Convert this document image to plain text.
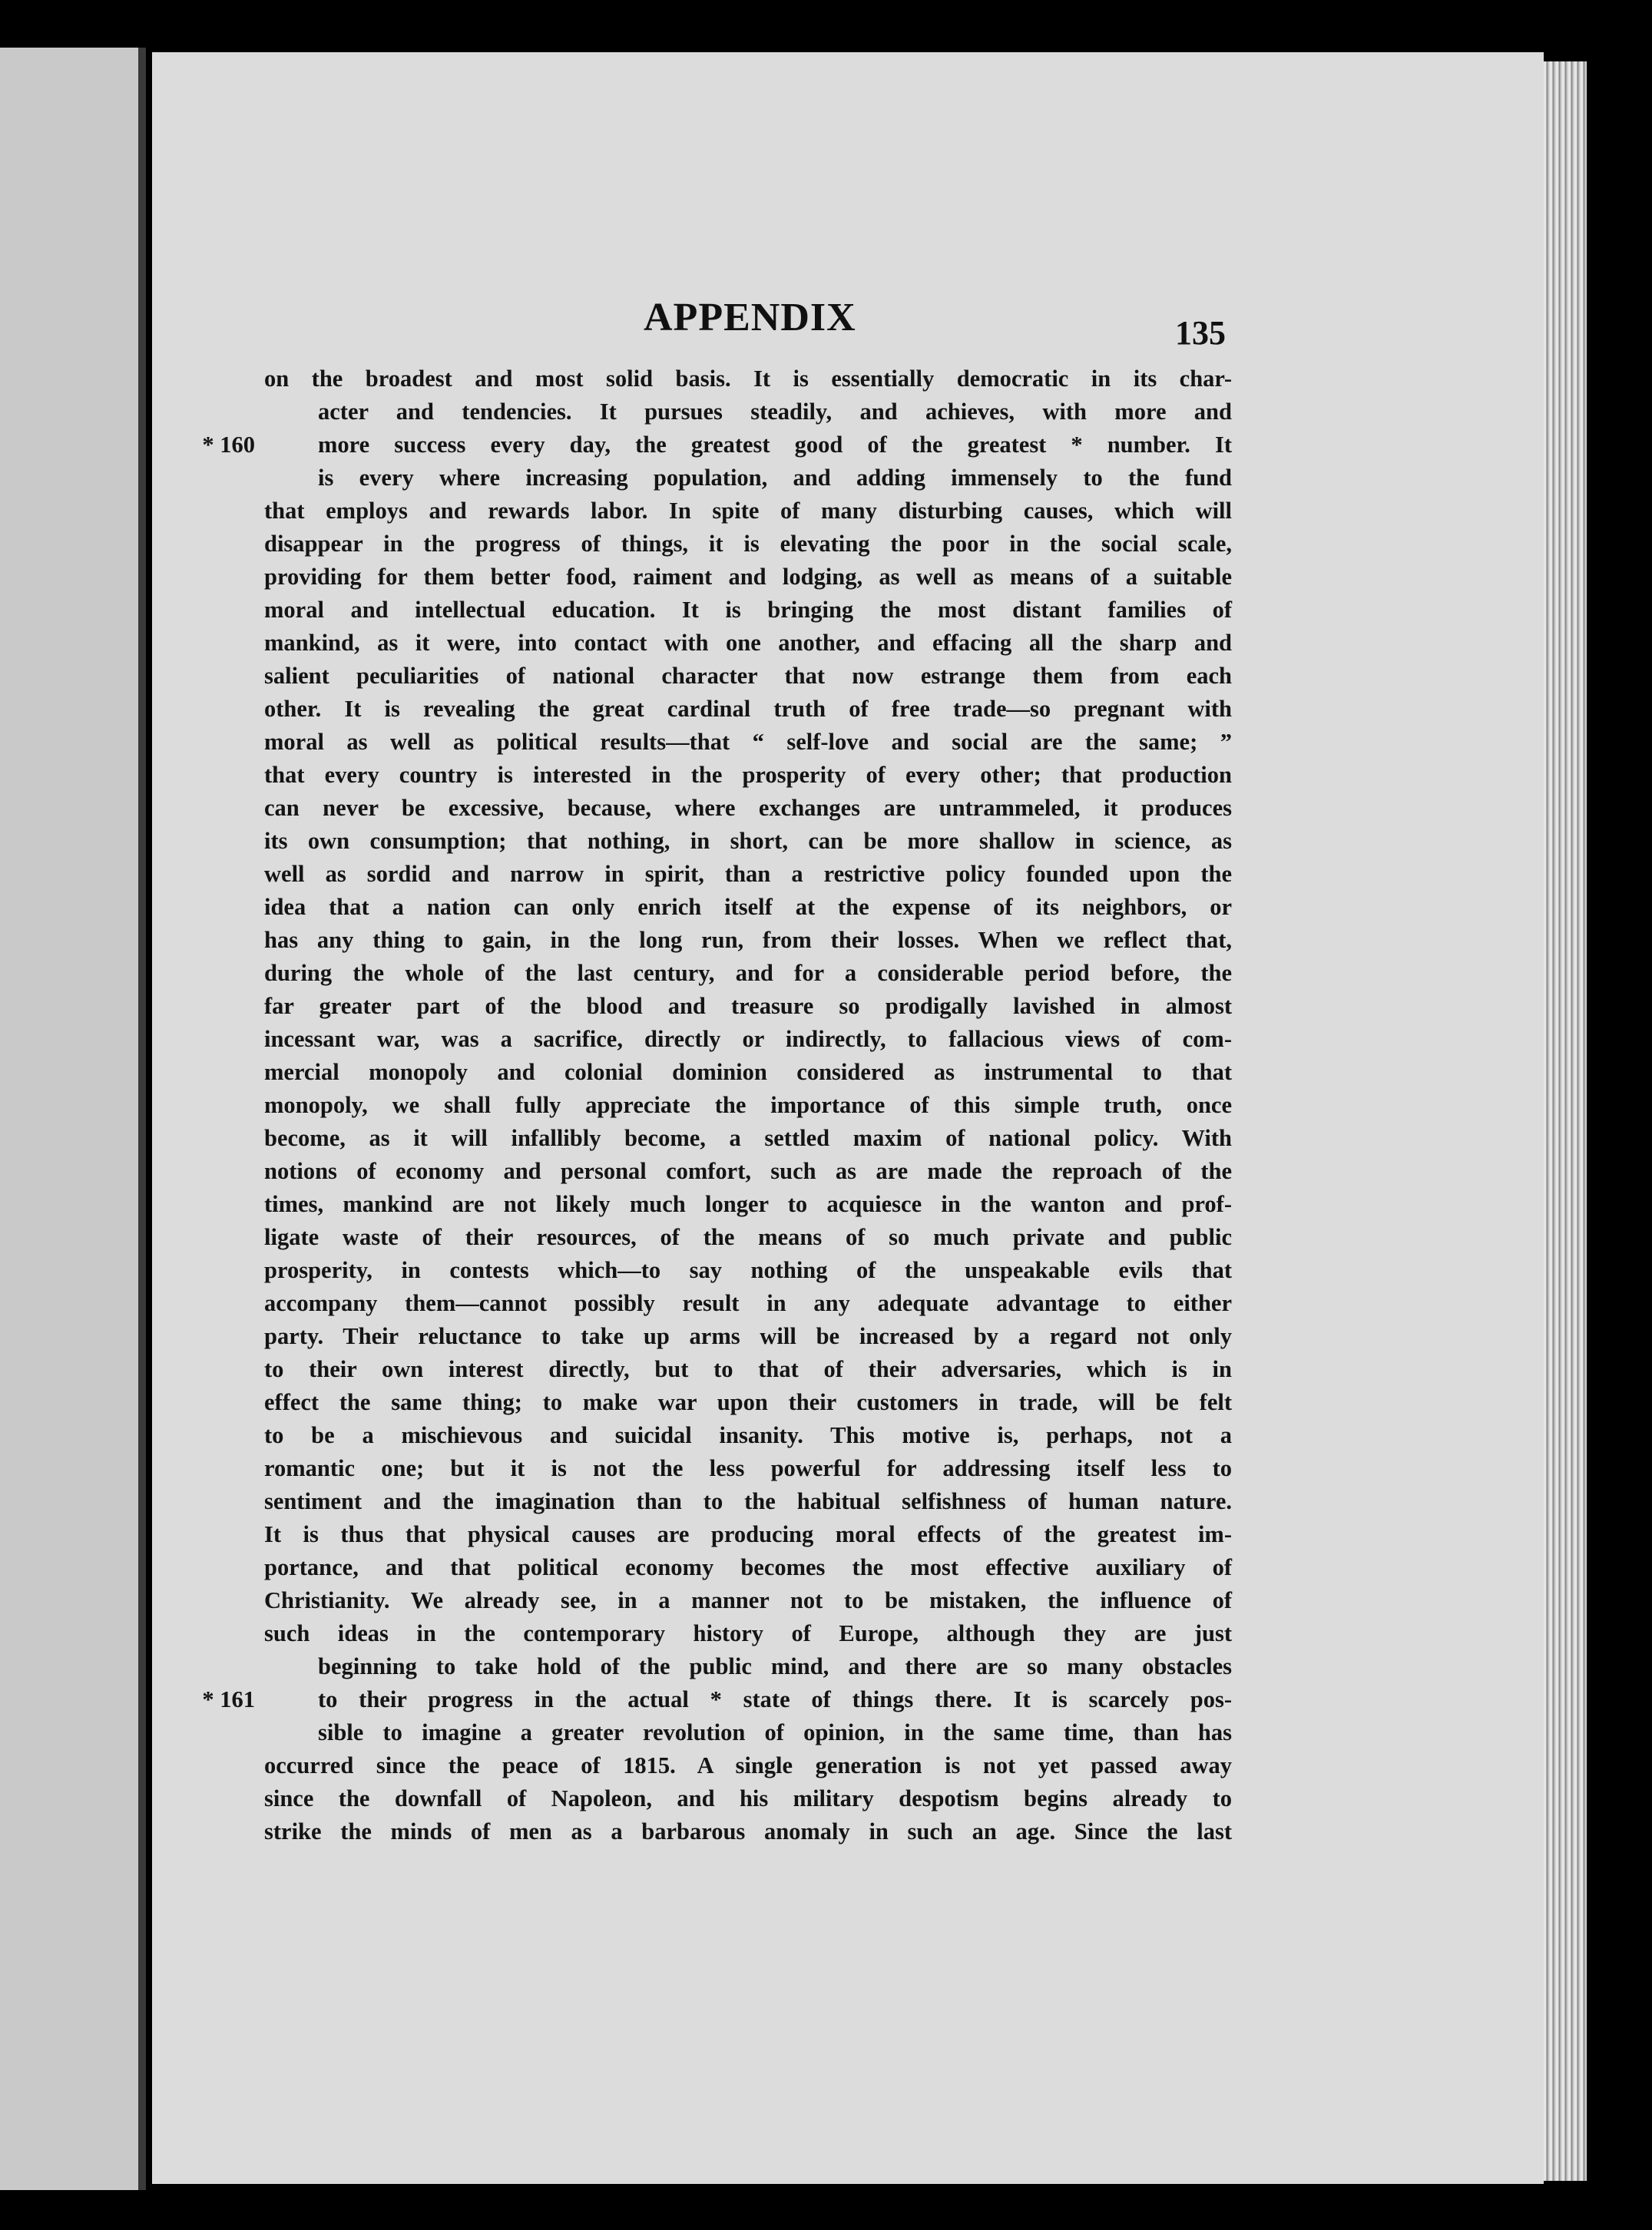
APPENDIX	135
on the broadest and most solid basis. It is essentially democratic in its char-
acter and tendencies. It pursues steadily, and achieves, with more and
* 160	more success every day, the greatest good of the greatest * number. It
is every where increasing population, and adding immensely to the fund
that employs and rewards labor. In spite of many disturbing causes, which will
disappear in the progress of things, it is elevating the poor in the social scale,
providing for them better food, raiment and lodging, as well as means of a suitable
moral and intellectual education. It is bringing the most distant families of
mankind, as it were, into contact with one another, and effacing all the sharp and
salient peculiarities of national character that now estrange them from each
other. It is revealing the great cardinal truth of free trade—so pregnant with
moral as well as political results—that “ self-love and social are the same; ”
that every country is interested in the prosperity of every other; that production
can never be excessive, because, where exchanges are untrammeled, it produces
its own consumption; that nothing, in short, can be more shallow in science, as
well as sordid and narrow in spirit, than a restrictive policy founded upon the
idea that a nation can only enrich itself at the expense of its neighbors, or
has any thing to gain, in the long run, from their losses. When we reflect that,
during the whole of the last century, and for a considerable period before, the
far greater part of the blood and treasure so prodigally lavished in almost
incessant war, was a sacrifice, directly or indirectly, to fallacious views of com-
mercial monopoly and colonial dominion considered as instrumental to that
monopoly, we shall fully appreciate the importance of this simple truth, once
become, as it will infallibly become, a settled maxim of national policy. With
notions of economy and personal comfort, such as are made the reproach of the
times, mankind are not likely much longer to acquiesce in the wanton and prof-
ligate waste of their resources, of the means of so much private and public
prosperity, in contests which—to say nothing of the unspeakable evils that
accompany them—cannot possibly result in any adequate advantage to either
party. Their reluctance to take up arms will be increased by a regard not only
to their own interest directly, but to that of their adversaries, which is in
effect the same thing; to make war upon their customers in trade, will be felt
to be a mischievous and suicidal insanity. This motive is, perhaps, not a
romantic one; but it is not the less powerful for addressing itself less to
sentiment and the imagination than to the habitual selfishness of human nature.
It is thus that physical causes are producing moral effects of the greatest im-
portance, and that political economy becomes the most effective auxiliary of
Christianity. We already see, in a manner not to be mistaken, the influence of
such ideas in the contemporary history of Europe, although they are just
beginning to take hold of the public mind, and there are so many obstacles
* 161	to their progress in the actual * state of things there. It is scarcely pos-
sible to imagine a greater revolution of opinion, in the same time, than has
occurred since the peace of 1815. A single generation is not yet passed away
since the downfall of Napoleon, and his military despotism begins already to
strike the minds of men as a barbarous anomaly in such an age. Since the last
